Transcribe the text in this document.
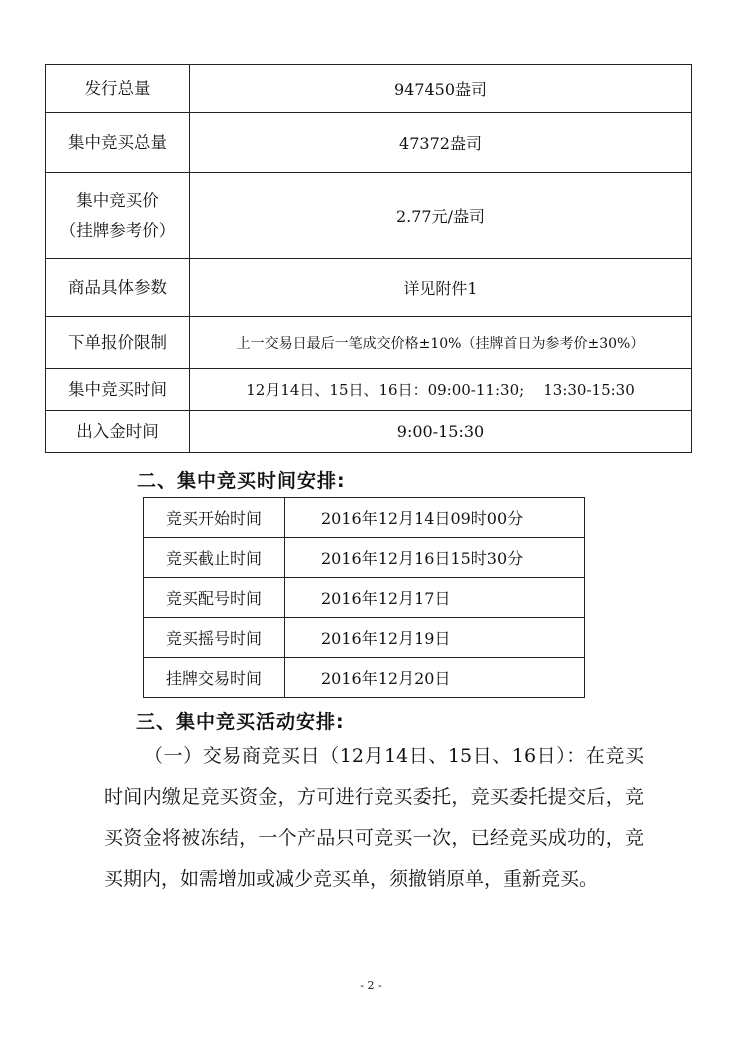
发行总量	947450盎司
集中竞买总量	47372盎司

集中竞买价
（挂牌参考价）	2.77元/盎司
商品具体参数	详见附件1
下单报价限制	上一交易日最后一笔成交价格±10%（挂牌首日为参考价±30%）
集中竞买时间	12月14日、15日、16日：09:00-11:30;    13:30-15:30
出入金时间	9:00-15:30
二、集中竞买时间安排:
竞买开始时间	2016年12月14日09时00分
竞买截止时间	2016年12月16日15时30分
竞买配号时间	2016年12月17日
竞买摇号时间	2016年12月19日
挂牌交易时间	2016年12月20日
三、集中竞买活动安排:

（一）交易商竞买日（12月14日、15日、16日）：在竞买时间内缴足竞买资金，方可进行竞买委托，竞买委托提交后，竞买资金将被冻结，一个产品只可竞买一次，已经竞买成功的，竞买期内，如需增加或减少竞买单，须撤销原单，重新竞买。

- 2 -
